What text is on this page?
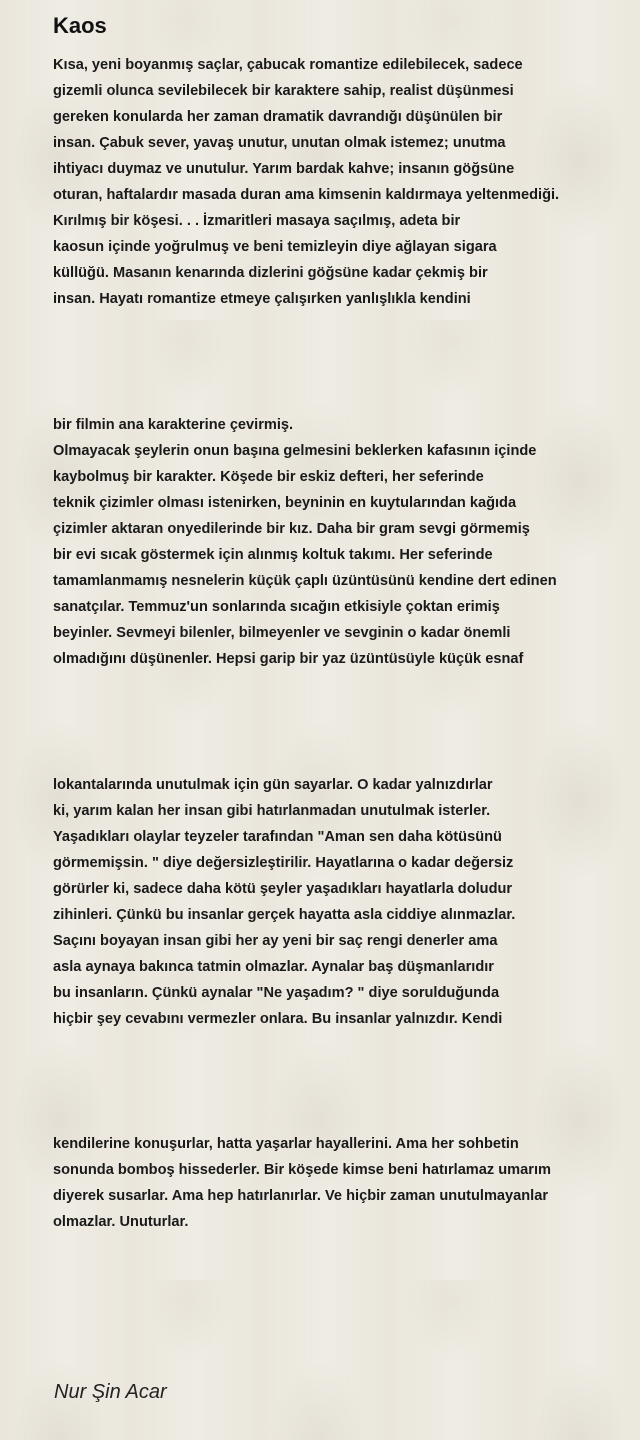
Kaos

Kısa, yeni boyanmış saçlar, çabucak romantize edilebilecek, sadece
gizemli olunca sevilebilecek bir karaktere sahip, realist düşünmesi
gereken konularda her zaman dramatik davrandığı düşünülen bir
insan. Çabuk sever, yavaş unutur, unutan olmak istemez; unutma
ihtiyacı duymaz ve unutulur. Yarım bardak kahve; insanın göğsüne
oturan, haftalardır masada duran ama kimsenin kaldırmaya yeltenmediği.
Kırılmış bir köşesi. . . İzmaritleri masaya saçılmış, adeta bir
kaosun içinde yoğrulmuş ve beni temizleyin diye ağlayan sigara
küllüğü. Masanın kenarında dizlerini göğsüne kadar çekmiş bir
insan. Hayatı romantize etmeye çalışırken yanlışlıkla kendini

bir filmin ana karakterine çevirmiş.
Olmayacak şeylerin onun başına gelmesini beklerken kafasının içinde
kaybolmuş bir karakter. Köşede bir eskiz defteri, her seferinde
teknik çizimler olması istenirken, beyninin en kuytularından kağıda
çizimler aktaran onyedilerinde bir kız. Daha bir gram sevgi görmemiş
bir evi sıcak göstermek için alınmış koltuk takımı. Her seferinde
tamamlanmamış nesnelerin küçük çaplı üzüntüsünü kendine dert edinen
sanatçılar. Temmuz'un sonlarında sıcağın etkisiyle çoktan erimiş
beyinler. Sevmeyi bilenler, bilmeyenler ve sevginin o kadar önemli
olmadığını düşünenler. Hepsi garip bir yaz üzüntüsüyle küçük esnaf

lokantalarında unutulmak için gün sayarlar. O kadar yalnızdırlar
ki, yarım kalan her insan gibi hatırlanmadan unutulmak isterler.
Yaşadıkları olaylar teyzeler tarafından "Aman sen daha kötüsünü
görmemişsin. " diye değersizleştirilir. Hayatlarına o kadar değersiz
görürler ki, sadece daha kötü şeyler yaşadıkları hayatlarla doludur
zihinleri. Çünkü bu insanlar gerçek hayatta asla ciddiye alınmazlar.
Saçını boyayan insan gibi her ay yeni bir saç rengi denerler ama
asla aynaya bakınca tatmin olmazlar. Aynalar baş düşmanlarıdır
bu insanların. Çünkü aynalar "Ne yaşadım? " diye sorulduğunda
hiçbir şey cevabını vermezler onlara. Bu insanlar yalnızdır. Kendi

kendilerine konuşurlar, hatta yaşarlar hayallerini. Ama her sohbetin
sonunda bomboş hissederler. Bir köşede kimse beni hatırlamaz umarım
diyerek susarlar. Ama hep hatırlanırlar. Ve hiçbir zaman unutulmayanlar
olmazlar. Unuturlar.

Nur Şin Acar
